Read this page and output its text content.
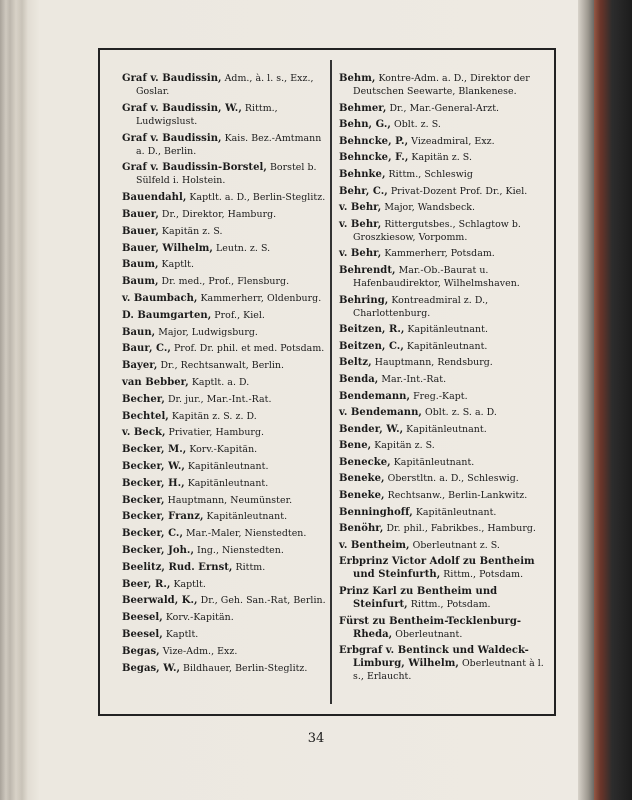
Graf v. Baudissin, Adm., à. l. s., Exz., Goslar.
Graf v. Baudissin, W., Rittm., Ludwigslust.
Graf v. Baudissin, Kais. Bez.-Amtmann a. D., Berlin.
Graf v. Baudissin-Borstel, Borstel b. Sülfeld i. Holstein.
Bauendahl, Kaptlt. a. D., Berlin-Steglitz.
Bauer, Dr., Direktor, Hamburg.
Bauer, Kapitän z. S.
Bauer, Wilhelm, Leutn. z. S.
Baum, Kaptlt.
Baum, Dr. med., Prof., Flensburg.
v. Baumbach, Kammerherr, Oldenburg.
D. Baumgarten, Prof., Kiel.
Baun, Major, Ludwigsburg.
Baur, C., Prof. Dr. phil. et med. Potsdam.
Bayer, Dr., Rechtsanwalt, Berlin.
van Bebber, Kaptlt. a. D.
Becher, Dr. jur., Mar.-Int.-Rat.
Bechtel, Kapitän z. S. z. D.
v. Beck, Privatier, Hamburg.
Becker, M., Korv.-Kapitän.
Becker, W., Kapitänleutnant.
Becker, H., Kapitänleutnant.
Becker, Hauptmann, Neumünster.
Becker, Franz, Kapitänleutnant.
Becker, C., Mar.-Maler, Nienstedten.
Becker, Joh., Ing., Nienstedten.
Beelitz, Rud. Ernst, Rittm.
Beer, R., Kaptlt.
Beerwald, K., Dr., Geh. San.-Rat, Berlin.
Beesel, Korv.-Kapitän.
Beesel, Kaptlt.
Begas, Vize-Adm., Exz.
Begas, W., Bildhauer, Berlin-Steglitz.
Behm, Kontre-Adm. a. D., Direktor der Deutschen Seewarte, Blankenese.
Behmer, Dr., Mar.-General-Arzt.
Behn, G., Oblt. z. S.
Behncke, P., Vizeadmiral, Exz.
Behncke, F., Kapitän z. S.
Behnke, Rittm., Schleswig
Behr, C., Privat-Dozent Prof. Dr., Kiel.
v. Behr, Major, Wandsbeck.
v. Behr, Rittergutsbes., Schlagtow b. Groszkiesow, Vorpomm.
v. Behr, Kammerherr, Potsdam.
Behrendt, Mar.-Ob.-Baurat u. Hafenbaudirektor, Wilhelmshaven.
Behring, Kontreadmiral z. D., Charlottenburg.
Beitzen, R., Kapitänleutnant.
Beitzen, C., Kapitänleutnant.
Beltz, Hauptmann, Rendsburg.
Benda, Mar.-Int.-Rat.
Bendemann, Freg.-Kapt.
v. Bendemann, Oblt. z. S. a. D.
Bender, W., Kapitänleutnant.
Bene, Kapitän z. S.
Benecke, Kapitänleutnant.
Beneke, Oberstltn. a. D., Schleswig.
Beneke, Rechtsanw., Berlin-Lankwitz.
Benninghoff, Kapitänleutnant.
Benöhr, Dr. phil., Fabrikbes., Hamburg.
v. Bentheim, Oberleutnant z. S.
Erbprinz Victor Adolf zu Bentheim und Steinfurth, Rittm., Potsdam.
Prinz Karl zu Bentheim und Steinfurt, Rittm., Potsdam.
Fürst zu Bentheim-Tecklenburg-Rheda, Oberleutnant.
Erbgraf v. Bentinck und Waldeck-Limburg, Wilhelm, Oberleutnant à l. s., Erlaucht.
34
